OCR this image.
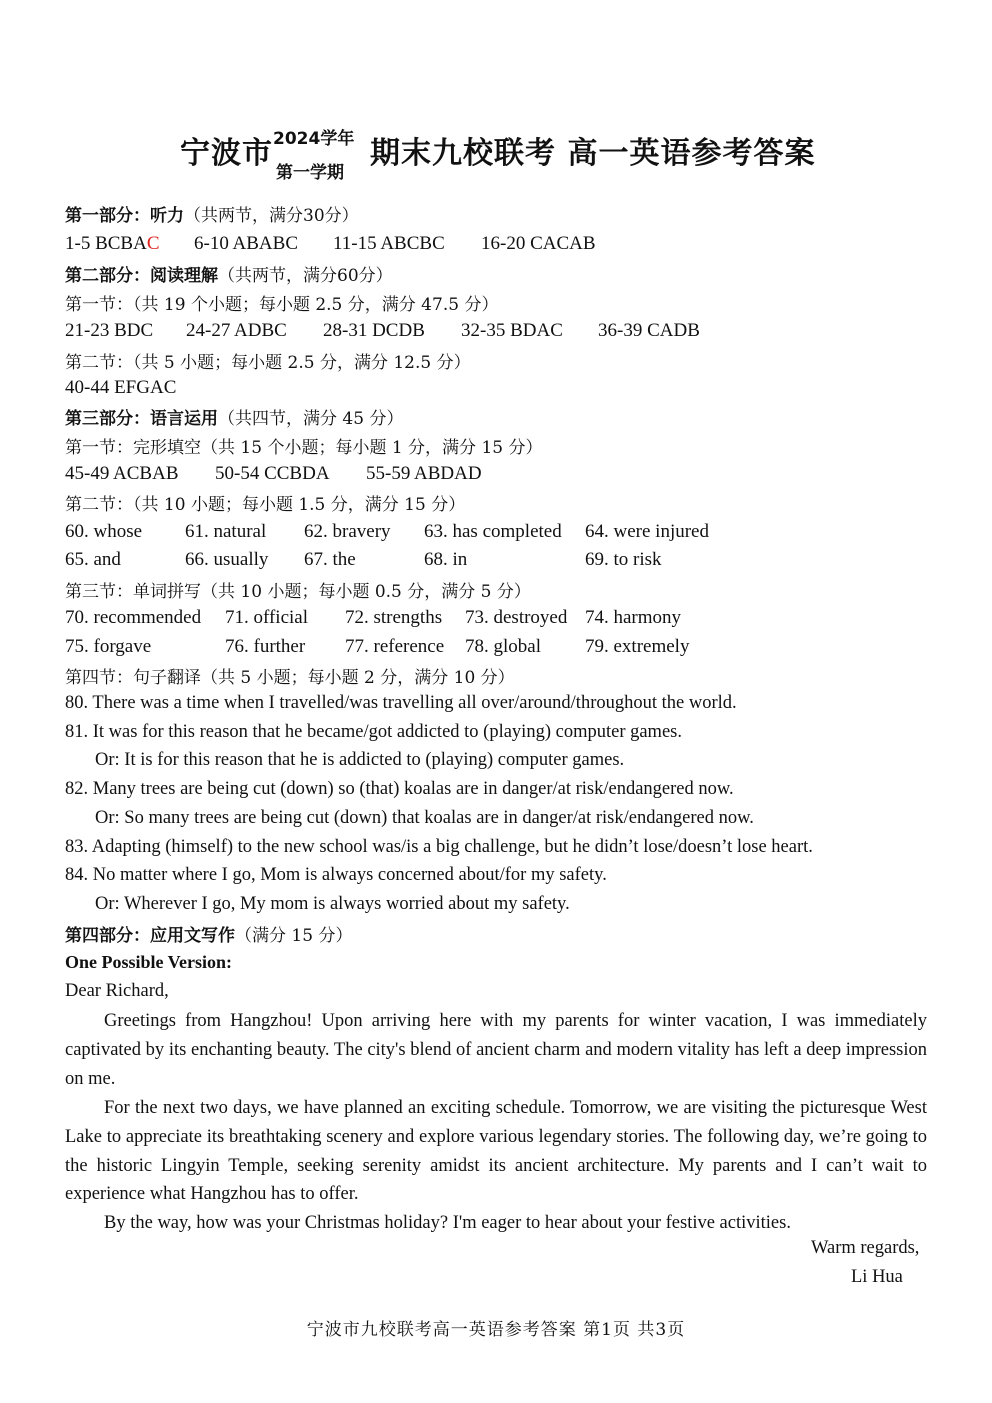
宁波市 2024学年
第一学期
期末九校联考 高一英语参考答案
第一部分：听力（共两节，满分30分）
1-5 BCBAC 6-10 ABABC 11-15 ABCBC 16-20 CACAB
第二部分：阅读理解（共两节，满分60分）
第一节：（共 19 个小题；每小题 2.5 分，满分 47.5 分）
21-23 BDC 24-27 ADBC 28-31 DCDB 32-35 BDAC 36-39 CADB
第二节：（共 5 小题；每小题 2.5 分，满分 12.5 分）
40-44 EFGAC
第三部分：语言运用（共四节，满分 45 分）
第一节：完形填空（共 15 个小题；每小题 1 分，满分 15 分）
45-49 ACBAB 50-54 CCBDA 55-59 ABDAD
第二节：（共 10 小题；每小题 1.5 分，满分 15 分）
60. whose 61. natural 62. bravery 63. has completed 64. were injured
65. and	66. usually 67. the	68. in	69. to risk
第三节：单词拼写（共 10 小题；每小题 0.5 分，满分 5 分）
70. recommended 71. official 72. strengths 73. destroyed 74. harmony
75. forgave	76. further 77. reference 78. global 79. extremely
第四节：句子翻译（共 5 小题；每小题 2 分，满分 10 分）
80. There was a time when I travelled/was travelling all over/around/throughout the world.
81. It was for this reason that he became/got addicted to (playing) computer games.
Or: It is for this reason that he is addicted to (playing) computer games.
82. Many trees are being cut (down) so (that) koalas are in danger/at risk/endangered now.
Or: So many trees are being cut (down) that koalas are in danger/at risk/endangered now.
83. Adapting (himself) to the new school was/is a big challenge, but he didn’t lose/doesn’t lose heart.
84. No matter where I go, Mom is always concerned about/for my safety.
Or: Wherever I go, My mom is always worried about my safety.
第四部分：应用文写作（满分 15 分）
One Possible Version:
Dear Richard,
Greetings from Hangzhou! Upon arriving here with my parents for winter vacation, I was immediately captivated by its enchanting beauty. The city's blend of ancient charm and modern vitality has left a deep impression on me.
For the next two days, we have planned an exciting schedule. Tomorrow, we are visiting the picturesque West Lake to appreciate its breathtaking scenery and explore various legendary stories. The following day, we’re going to the historic Lingyin Temple, seeking serenity amidst its ancient architecture. My parents and I can’t wait to experience what Hangzhou has to offer.
By the way, how was your Christmas holiday? I'm eager to hear about your festive activities.
Warm regards,
Li Hua
宁波市九校联考高一英语参考答案 第1页 共3页
